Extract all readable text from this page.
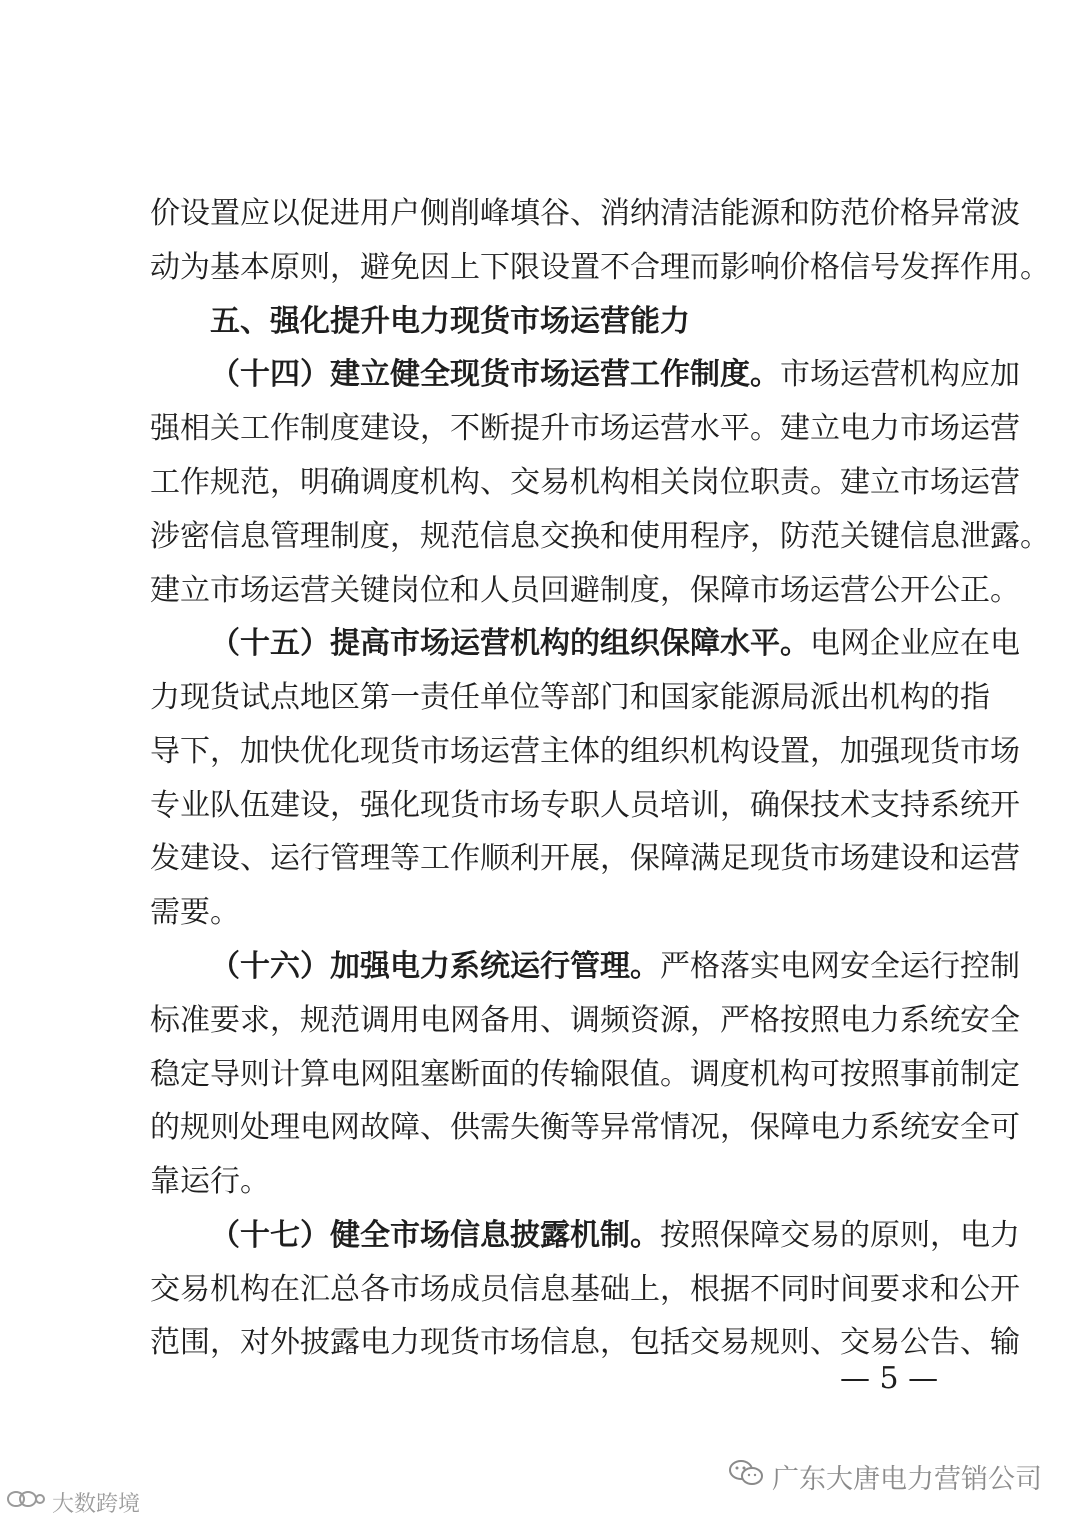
价设置应以促进用户侧削峰填谷、消纳清洁能源和防范价格异常波
动为基本原则，避免因上下限设置不合理而影响价格信号发挥作用。
五、强化提升电力现货市场运营能力
（十四）建立健全现货市场运营工作制度。市场运营机构应加
强相关工作制度建设，不断提升市场运营水平。建立电力市场运营
工作规范，明确调度机构、交易机构相关岗位职责。建立市场运营
涉密信息管理制度，规范信息交换和使用程序，防范关键信息泄露。
建立市场运营关键岗位和人员回避制度，保障市场运营公开公正。
（十五）提高市场运营机构的组织保障水平。电网企业应在电
力现货试点地区第一责任单位等部门和国家能源局派出机构的指
导下，加快优化现货市场运营主体的组织机构设置，加强现货市场
专业队伍建设，强化现货市场专职人员培训，确保技术支持系统开
发建设、运行管理等工作顺利开展，保障满足现货市场建设和运营
需要。
（十六）加强电力系统运行管理。严格落实电网安全运行控制
标准要求，规范调用电网备用、调频资源，严格按照电力系统安全
稳定导则计算电网阻塞断面的传输限值。调度机构可按照事前制定
的规则处理电网故障、供需失衡等异常情况，保障电力系统安全可
靠运行。
（十七）健全市场信息披露机制。按照保障交易的原则，电力
交易机构在汇总各市场成员信息基础上，根据不同时间要求和公开
范围，对外披露电力现货市场信息，包括交易规则、交易公告、输
— 5 —
广东大唐电力营销公司
大数跨境
